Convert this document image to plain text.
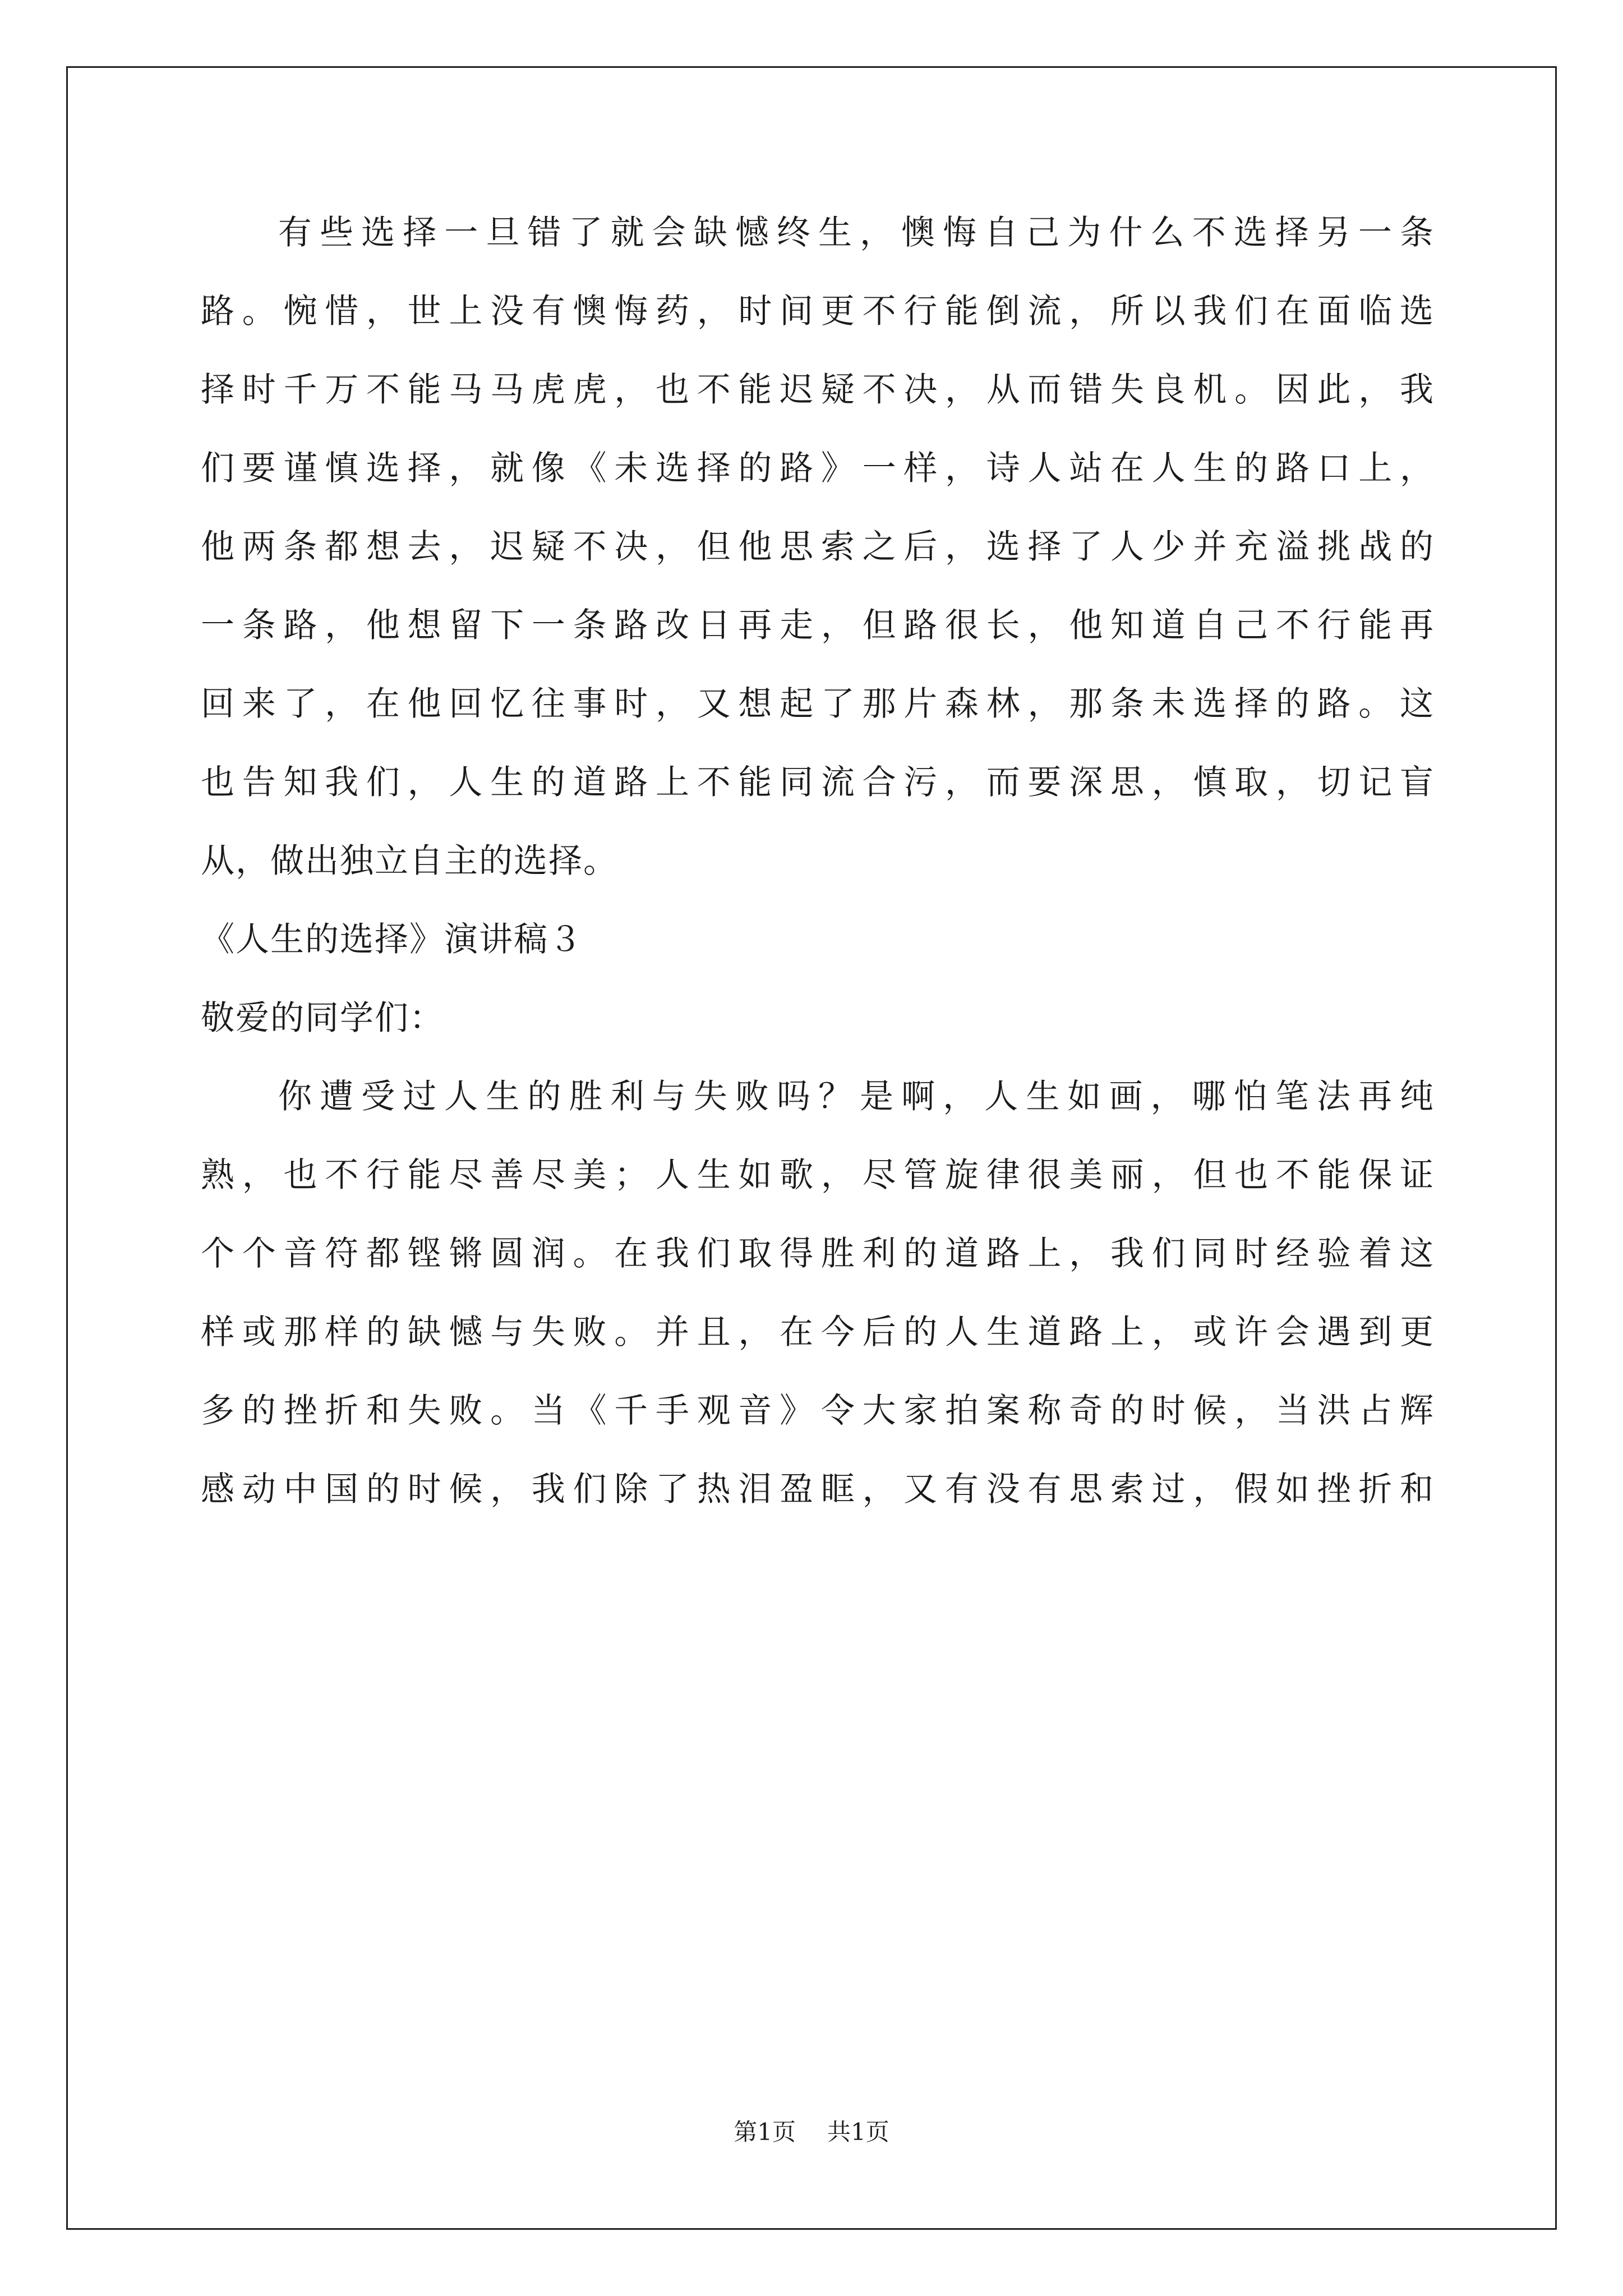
有些选择一旦错了就会缺憾终生，懊悔自己为什么不选择另一条
路。惋惜，世上没有懊悔药，时间更不行能倒流，所以我们在面临选
择时千万不能马马虎虎，也不能迟疑不决，从而错失良机。因此，我
们要谨慎选择，就像《未选择的路》一样，诗人站在人生的路口上，
他两条都想去，迟疑不决，但他思索之后，选择了人少并充溢挑战的
一条路，他想留下一条路改日再走，但路很长，他知道自己不行能再
回来了，在他回忆往事时，又想起了那片森林，那条未选择的路。这
也告知我们，人生的道路上不能同流合污，而要深思，慎取，切记盲
从，做出独立自主的选择。
《人生的选择》演讲稿３
敬爱的同学们：
你遭受过人生的胜利与失败吗？是啊，人生如画，哪怕笔法再纯
熟，也不行能尽善尽美；人生如歌，尽管旋律很美丽，但也不能保证
个个音符都铿锵圆润。在我们取得胜利的道路上，我们同时经验着这
样或那样的缺憾与失败。并且，在今后的人生道路上，或许会遇到更
多的挫折和失败。当《千手观音》令大家拍案称奇的时候，当洪占辉
感动中国的时候，我们除了热泪盈眶，又有没有思索过，假如挫折和
第1页 共1页
